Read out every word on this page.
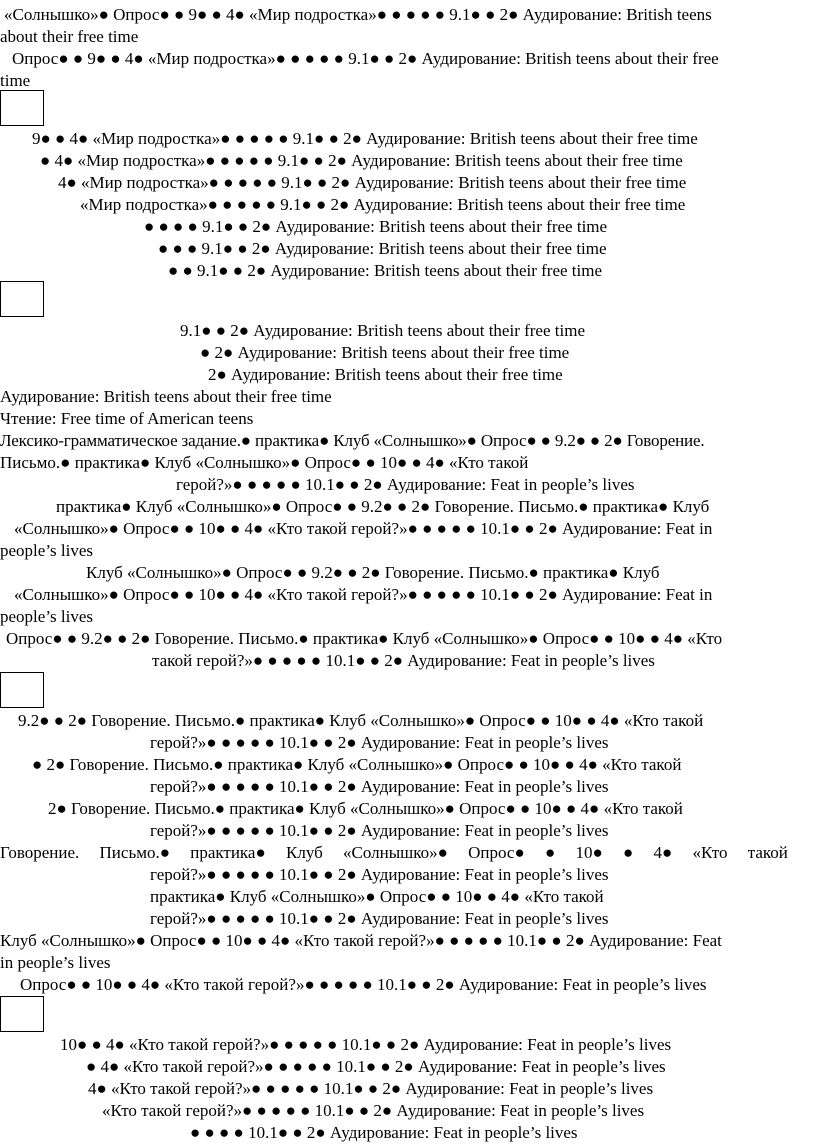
«Солнышко»● Опрос● ● 9● ● 4● «Мир подростка»● ● ● ● ● 9.1● ● 2● Аудирование: British teens
about their free time
Опрос● ● 9● ● 4● «Мир подростка»● ● ● ● ● 9.1● ● 2● Аудирование: British teens about their free
time
9● ● 4● «Мир подростка»● ● ● ● ● 9.1● ● 2● Аудирование: British teens about their free time
● 4● «Мир подростка»● ● ● ● ● 9.1● ● 2● Аудирование: British teens about their free time
4● «Мир подростка»● ● ● ● ● 9.1● ● 2● Аудирование: British teens about their free time
«Мир подростка»● ● ● ● ● 9.1● ● 2● Аудирование: British teens about their free time
● ● ● ● 9.1● ● 2● Аудирование: British teens about their free time
● ● ● 9.1● ● 2● Аудирование: British teens about their free time
● ● 9.1● ● 2● Аудирование: British teens about their free time
9.1● ● 2● Аудирование: British teens about their free time
● 2● Аудирование: British teens about their free time
2● Аудирование: British teens about their free time
Аудирование: British teens about their free time
Чтение: Free time of American teens
Лексико-грамматическое задание.● практика● Клуб «Солнышко»● Опрос● ● 9.2● ● 2● Говорение.
Письмо.● практика● Клуб «Солнышко»● Опрос● ● 10● ● 4● «Кто такой
герой?»● ● ● ● ● 10.1● ● 2● Аудирование: Feat in people’s lives
практика● Клуб «Солнышко»● Опрос● ● 9.2● ● 2● Говорение. Письмо.● практика● Клуб
«Солнышко»● Опрос● ● 10● ● 4● «Кто такой герой?»● ● ● ● ● 10.1● ● 2● Аудирование: Feat in
people’s lives
Клуб «Солнышко»● Опрос● ● 9.2● ● 2● Говорение. Письмо.● практика● Клуб
«Солнышко»● Опрос● ● 10● ● 4● «Кто такой герой?»● ● ● ● ● 10.1● ● 2● Аудирование: Feat in
people’s lives
Опрос● ● 9.2● ● 2● Говорение. Письмо.● практика● Клуб «Солнышко»● Опрос● ● 10● ● 4● «Кто
такой герой?»● ● ● ● ● 10.1● ● 2● Аудирование: Feat in people’s lives
9.2● ● 2● Говорение. Письмо.● практика● Клуб «Солнышко»● Опрос● ● 10● ● 4● «Кто такой
герой?»● ● ● ● ● 10.1● ● 2● Аудирование: Feat in people’s lives
● 2● Говорение. Письмо.● практика● Клуб «Солнышко»● Опрос● ● 10● ● 4● «Кто такой
герой?»● ● ● ● ● 10.1● ● 2● Аудирование: Feat in people’s lives
2● Говорение. Письмо.● практика● Клуб «Солнышко»● Опрос● ● 10● ● 4● «Кто такой
герой?»● ● ● ● ● 10.1● ● 2● Аудирование: Feat in people’s lives
Говорение. Письмо.● практика● Клуб «Солнышко»● Опрос● ● 10● ● 4● «Кто такой
герой?»● ● ● ● ● 10.1● ● 2● Аудирование: Feat in people’s lives
практика● Клуб «Солнышко»● Опрос● ● 10● ● 4● «Кто такой
герой?»● ● ● ● ● 10.1● ● 2● Аудирование: Feat in people’s lives
Клуб «Солнышко»● Опрос● ● 10● ● 4● «Кто такой герой?»● ● ● ● ● 10.1● ● 2● Аудирование: Feat
in people’s lives
Опрос● ● 10● ● 4● «Кто такой герой?»● ● ● ● ● 10.1● ● 2● Аудирование: Feat in people’s lives
10● ● 4● «Кто такой герой?»● ● ● ● ● 10.1● ● 2● Аудирование: Feat in people’s lives
● 4● «Кто такой герой?»● ● ● ● ● 10.1● ● 2● Аудирование: Feat in people’s lives
4● «Кто такой герой?»● ● ● ● ● 10.1● ● 2● Аудирование: Feat in people’s lives
«Кто такой герой?»● ● ● ● ● 10.1● ● 2● Аудирование: Feat in people’s lives
● ● ● ● 10.1● ● 2● Аудирование: Feat in people’s lives
